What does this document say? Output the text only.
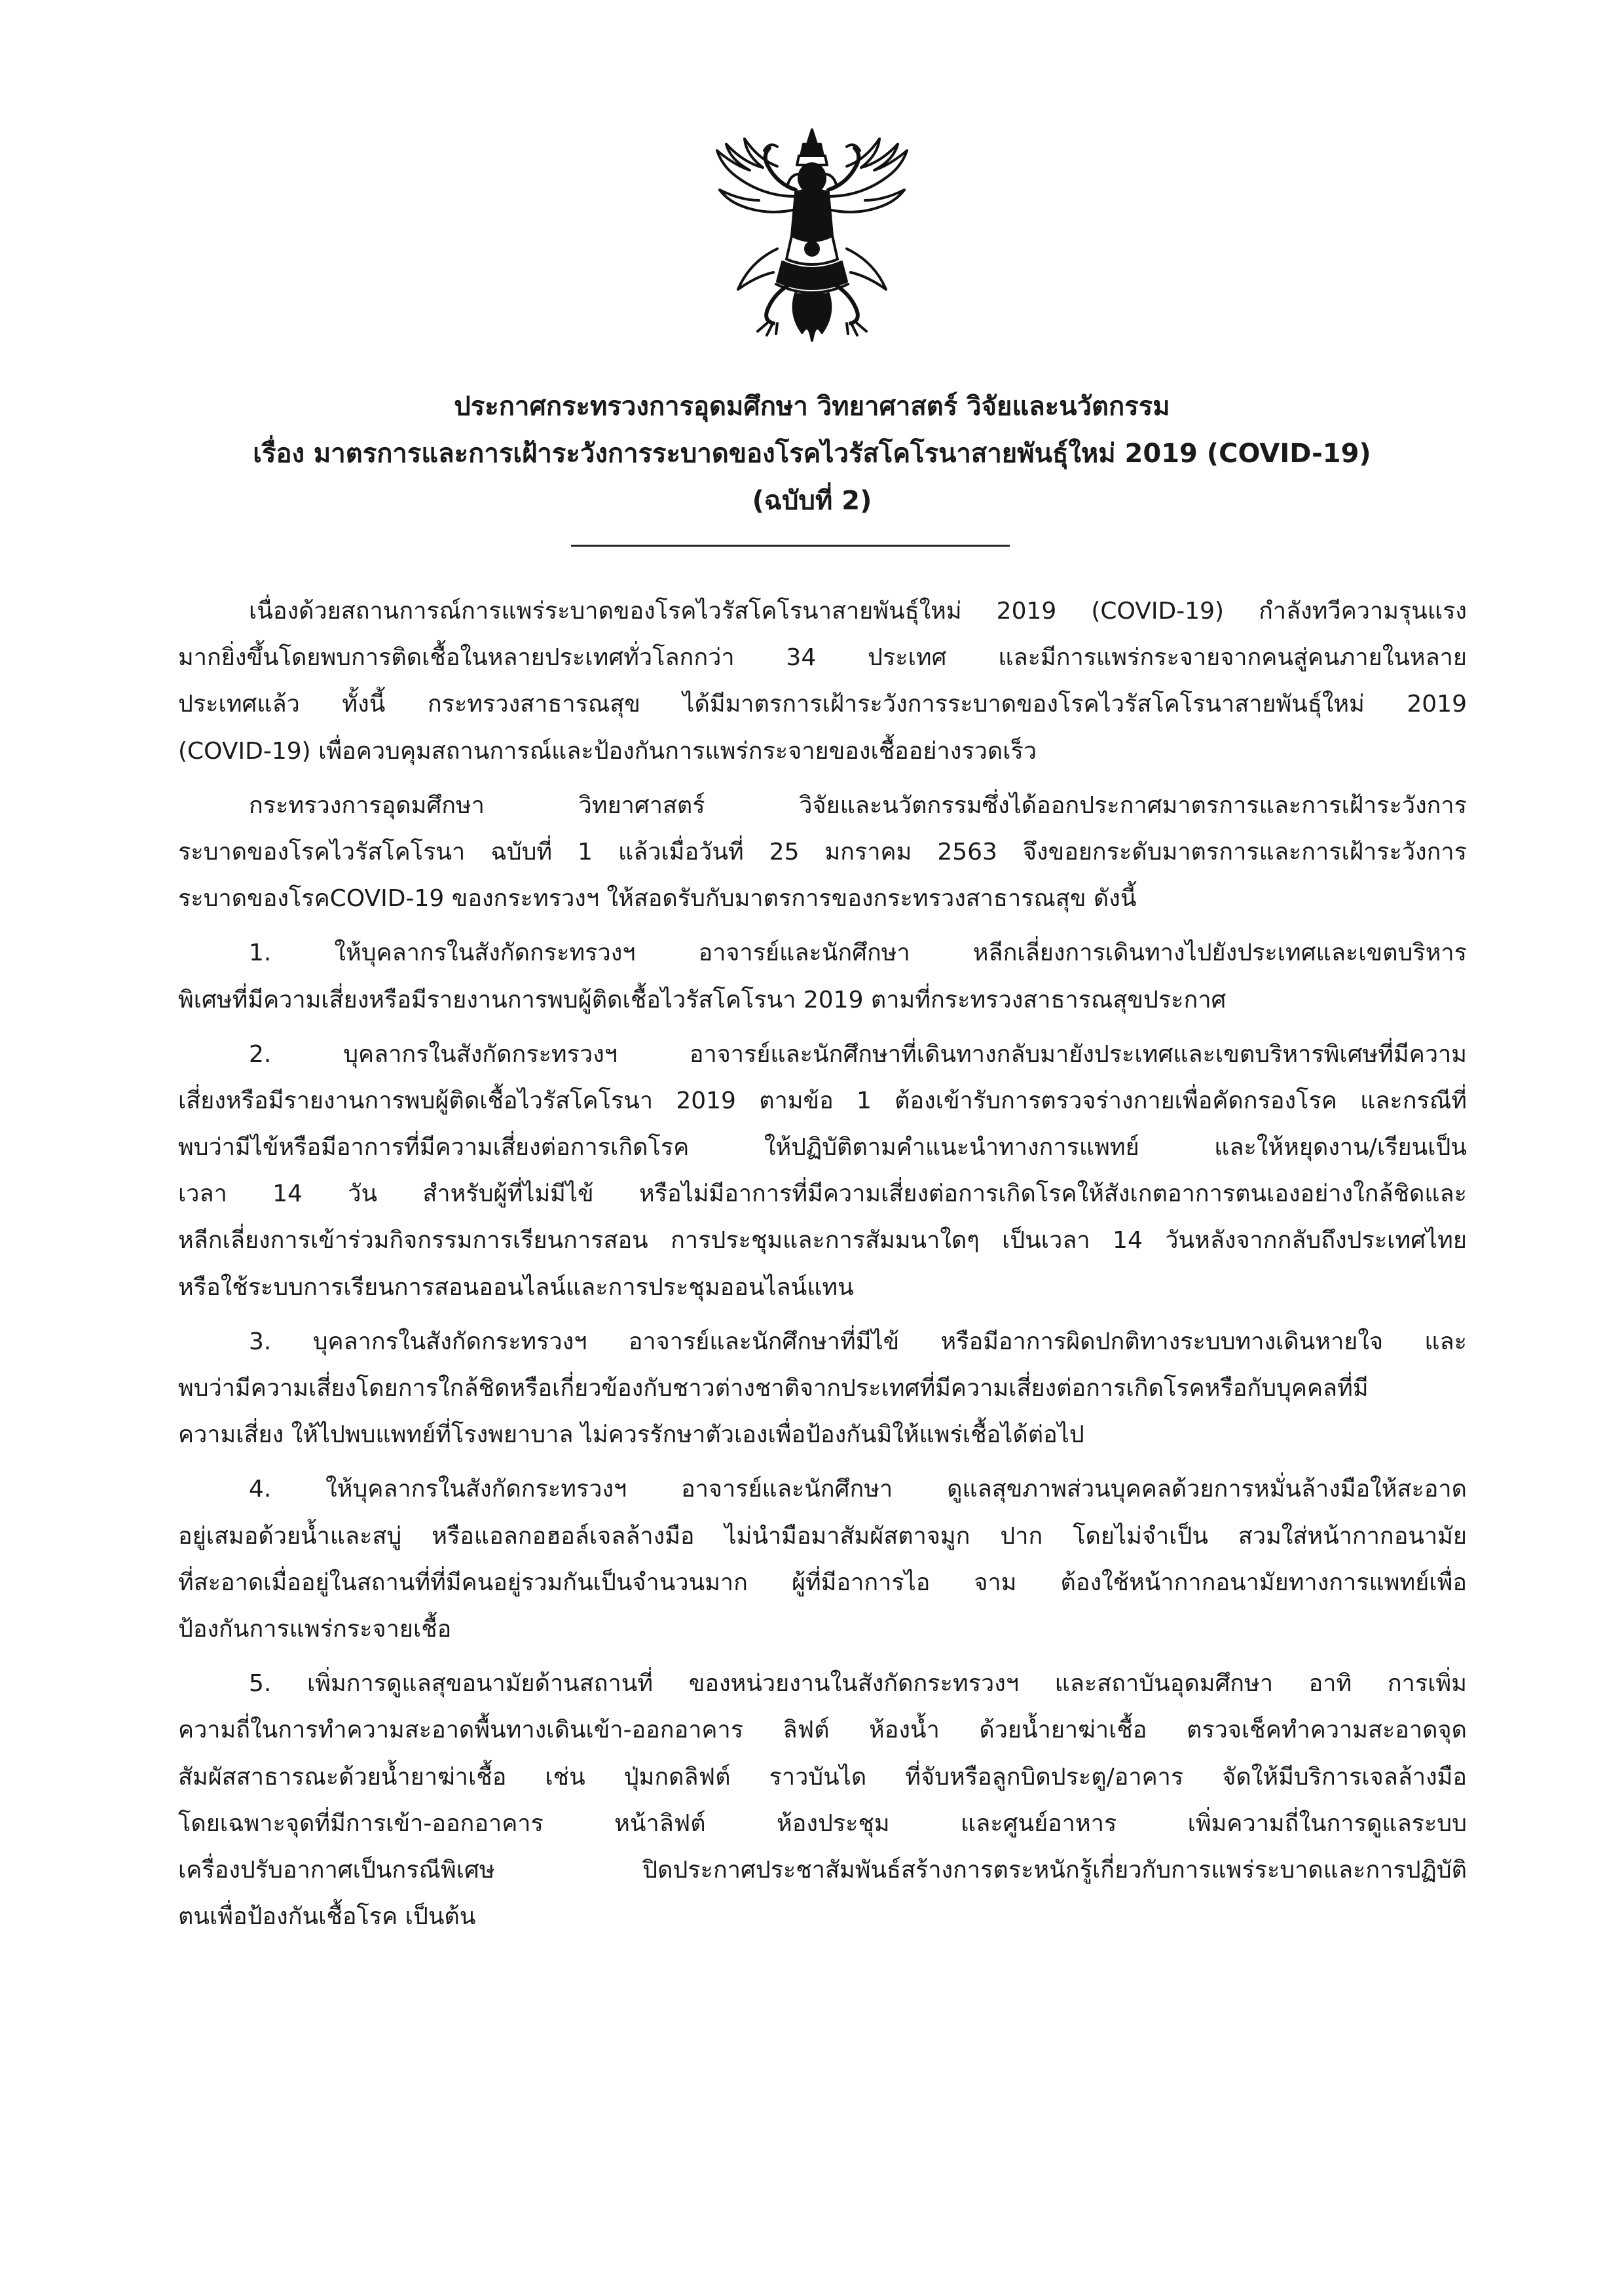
ประกาศกระทรวงการอุดมศึกษา วิทยาศาสตร์ วิจัยและนวัตกรรม
เรื่อง มาตรการและการเฝ้าระวังการระบาดของโรคไวรัสโคโรนาสายพันธุ์ใหม่ 2019 (COVID-19)
(ฉบับที่ 2)
เนื่องด้วยสถานการณ์การแพร่ระบาดของโรคไวรัสโคโรนาสายพันธุ์ใหม่ 2019 (COVID-19) กำลังทวีความรุนแรง
มากยิ่งขึ้นโดยพบการติดเชื้อในหลายประเทศทั่วโลกกว่า 34 ประเทศ และมีการแพร่กระจายจากคนสู่คนภายในหลาย
ประเทศแล้ว ทั้งนี้ กระทรวงสาธารณสุข ได้มีมาตรการเฝ้าระวังการระบาดของโรคไวรัสโคโรนาสายพันธุ์ใหม่ 2019
(COVID-19) เพื่อควบคุมสถานการณ์และป้องกันการแพร่กระจายของเชื้ออย่างรวดเร็ว
กระทรวงการอุดมศึกษา วิทยาศาสตร์ วิจัยและนวัตกรรมซึ่งได้ออกประกาศมาตรการและการเฝ้าระวังการ
ระบาดของโรคไวรัสโคโรนา ฉบับที่ 1 แล้วเมื่อวันที่ 25 มกราคม 2563 จึงขอยกระดับมาตรการและการเฝ้าระวังการ
ระบาดของโรคCOVID-19 ของกระทรวงฯ ให้สอดรับกับมาตรการของกระทรวงสาธารณสุข ดังนี้
1. ให้บุคลากรในสังกัดกระทรวงฯ อาจารย์และนักศึกษา หลีกเลี่ยงการเดินทางไปยังประเทศและเขตบริหาร
พิเศษที่มีความเสี่ยงหรือมีรายงานการพบผู้ติดเชื้อไวรัสโคโรนา 2019 ตามที่กระทรวงสาธารณสุขประกาศ
2. บุคลากรในสังกัดกระทรวงฯ อาจารย์และนักศึกษาที่เดินทางกลับมายังประเทศและเขตบริหารพิเศษที่มีความ
เสี่ยงหรือมีรายงานการพบผู้ติดเชื้อไวรัสโคโรนา 2019 ตามข้อ 1 ต้องเข้ารับการตรวจร่างกายเพื่อคัดกรองโรค และกรณีที่
พบว่ามีไข้หรือมีอาการที่มีความเสี่ยงต่อการเกิดโรค ให้ปฏิบัติตามคำแนะนำทางการแพทย์ และให้หยุดงาน/เรียนเป็น
เวลา 14 วัน สำหรับผู้ที่ไม่มีไข้ หรือไม่มีอาการที่มีความเสี่ยงต่อการเกิดโรคให้สังเกตอาการตนเองอย่างใกล้ชิดและ
หลีกเลี่ยงการเข้าร่วมกิจกรรมการเรียนการสอน การประชุมและการสัมมนาใดๆ เป็นเวลา 14 วันหลังจากกลับถึงประเทศไทย
หรือใช้ระบบการเรียนการสอนออนไลน์และการประชุมออนไลน์แทน
3. บุคลากรในสังกัดกระทรวงฯ อาจารย์และนักศึกษาที่มีไข้ หรือมีอาการผิดปกติทางระบบทางเดินหายใจ และ
พบว่ามีความเสี่ยงโดยการใกล้ชิดหรือเกี่ยวข้องกับชาวต่างชาติจากประเทศที่มีความเสี่ยงต่อการเกิดโรคหรือกับบุคคลที่มี
ความเสี่ยง ให้ไปพบแพทย์ที่โรงพยาบาล ไม่ควรรักษาตัวเองเพื่อป้องกันมิให้แพร่เชื้อได้ต่อไป
4. ให้บุคลากรในสังกัดกระทรวงฯ อาจารย์และนักศึกษา ดูแลสุขภาพส่วนบุคคลด้วยการหมั่นล้างมือให้สะอาด
อยู่เสมอด้วยน้ำและสบู่ หรือแอลกอฮอล์เจลล้างมือ ไม่นำมือมาสัมผัสตาจมูก ปาก โดยไม่จำเป็น สวมใส่หน้ากากอนามัย
ที่สะอาดเมื่ออยู่ในสถานที่ที่มีคนอยู่รวมกันเป็นจำนวนมาก ผู้ที่มีอาการไอ จาม ต้องใช้หน้ากากอนามัยทางการแพทย์เพื่อ
ป้องกันการแพร่กระจายเชื้อ
5. เพิ่มการดูแลสุขอนามัยด้านสถานที่ ของหน่วยงานในสังกัดกระทรวงฯ และสถาบันอุดมศึกษา อาทิ การเพิ่ม
ความถี่ในการทำความสะอาดพื้นทางเดินเข้า-ออกอาคาร ลิฟต์ ห้องน้ำ ด้วยน้ำยาฆ่าเชื้อ ตรวจเช็คทำความสะอาดจุด
สัมผัสสาธารณะด้วยน้ำยาฆ่าเชื้อ เช่น ปุ่มกดลิฟต์ ราวบันได ที่จับหรือลูกบิดประตู/อาคาร จัดให้มีบริการเจลล้างมือ
โดยเฉพาะจุดที่มีการเข้า-ออกอาคาร หน้าลิฟต์ ห้องประชุม และศูนย์อาหาร เพิ่มความถี่ในการดูแลระบบ
เครื่องปรับอากาศเป็นกรณีพิเศษ ปิดประกาศประชาสัมพันธ์สร้างการตระหนักรู้เกี่ยวกับการแพร่ระบาดและการปฏิบัติ
ตนเพื่อป้องกันเชื้อโรค เป็นต้น
